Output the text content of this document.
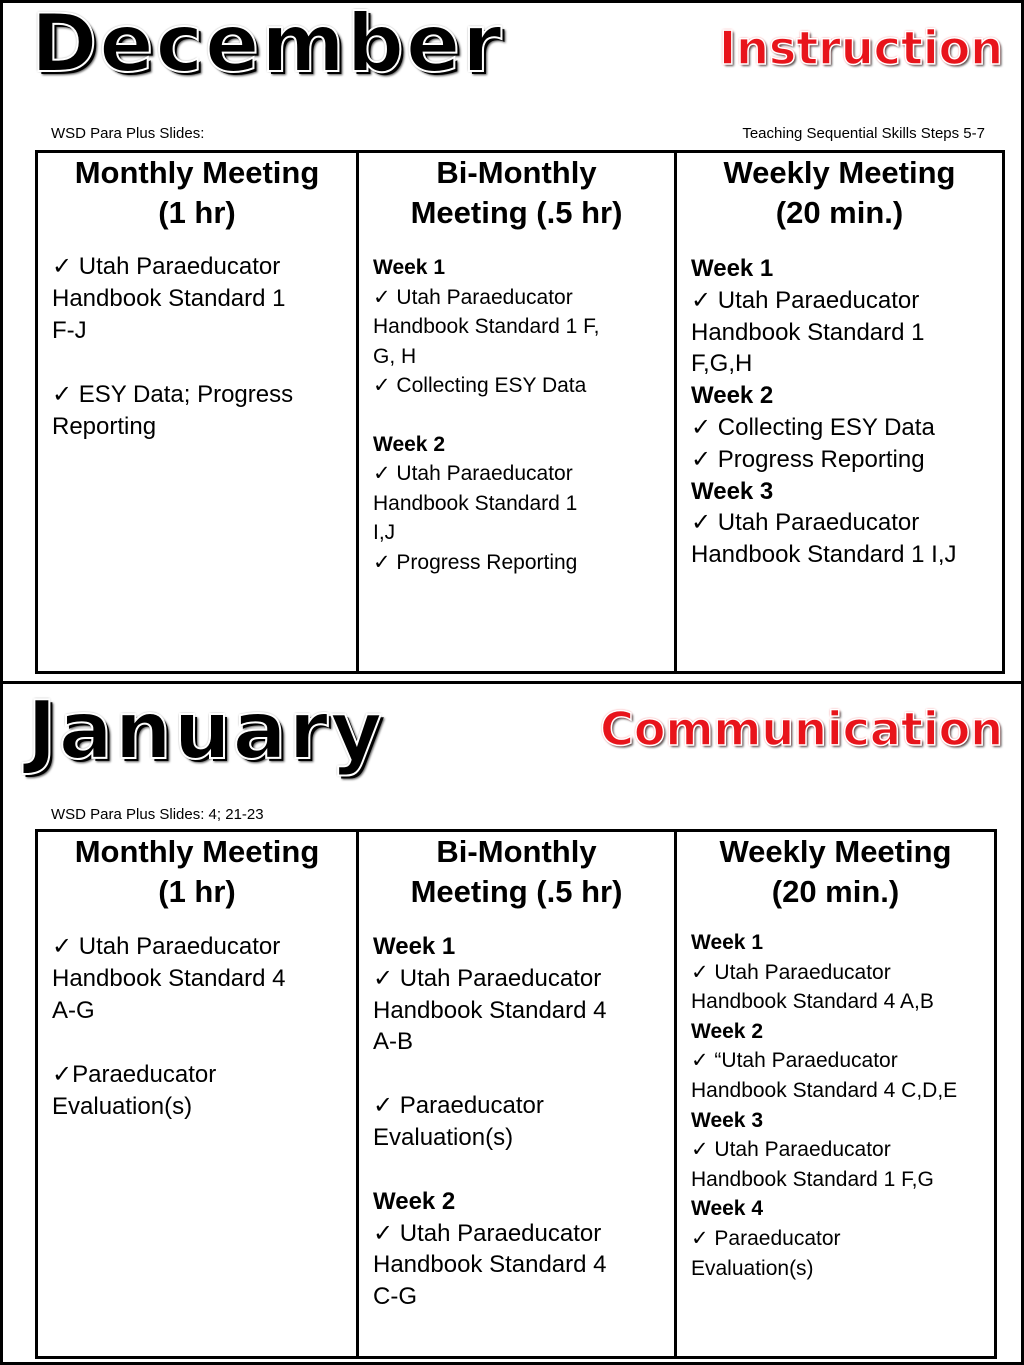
December	Instruction
WSD Para Plus Slides:	Teaching Sequential Skills Steps 5-7
Monthly Meeting
(1 hr)
✓ Utah Paraeducator
Handbook Standard 1
F-J
✓ ESY Data; Progress
Reporting
Bi-Monthly
Meeting (.5 hr)
Week 1
✓ Utah Paraeducator
Handbook Standard 1 F,
G, H
✓ Collecting ESY Data
Week 2
✓ Utah Paraeducator
Handbook Standard 1
I,J
✓ Progress Reporting
Weekly Meeting
(20 min.)
Week 1
✓ Utah Paraeducator
Handbook Standard 1
F,G,H
Week 2
✓ Collecting ESY Data
✓ Progress Reporting
Week 3
✓ Utah Paraeducator
Handbook Standard 1 I,J
January	Communication
WSD Para Plus Slides: 4; 21-23
Monthly Meeting
(1 hr)
✓ Utah Paraeducator
Handbook Standard 4
A-G
✓Paraeducator
Evaluation(s)
Bi-Monthly
Meeting (.5 hr)
Week 1
✓ Utah Paraeducator
Handbook Standard 4
A-B
✓ Paraeducator
Evaluation(s)
Week 2
✓ Utah Paraeducator
Handbook Standard 4
C-G
Weekly Meeting
(20 min.)
Week 1
✓ Utah Paraeducator
Handbook Standard 4 A,B
Week 2
✓ “Utah Paraeducator
Handbook Standard 4 C,D,E
Week 3
✓ Utah Paraeducator
Handbook Standard 1 F,G
Week 4
✓ Paraeducator
Evaluation(s)
